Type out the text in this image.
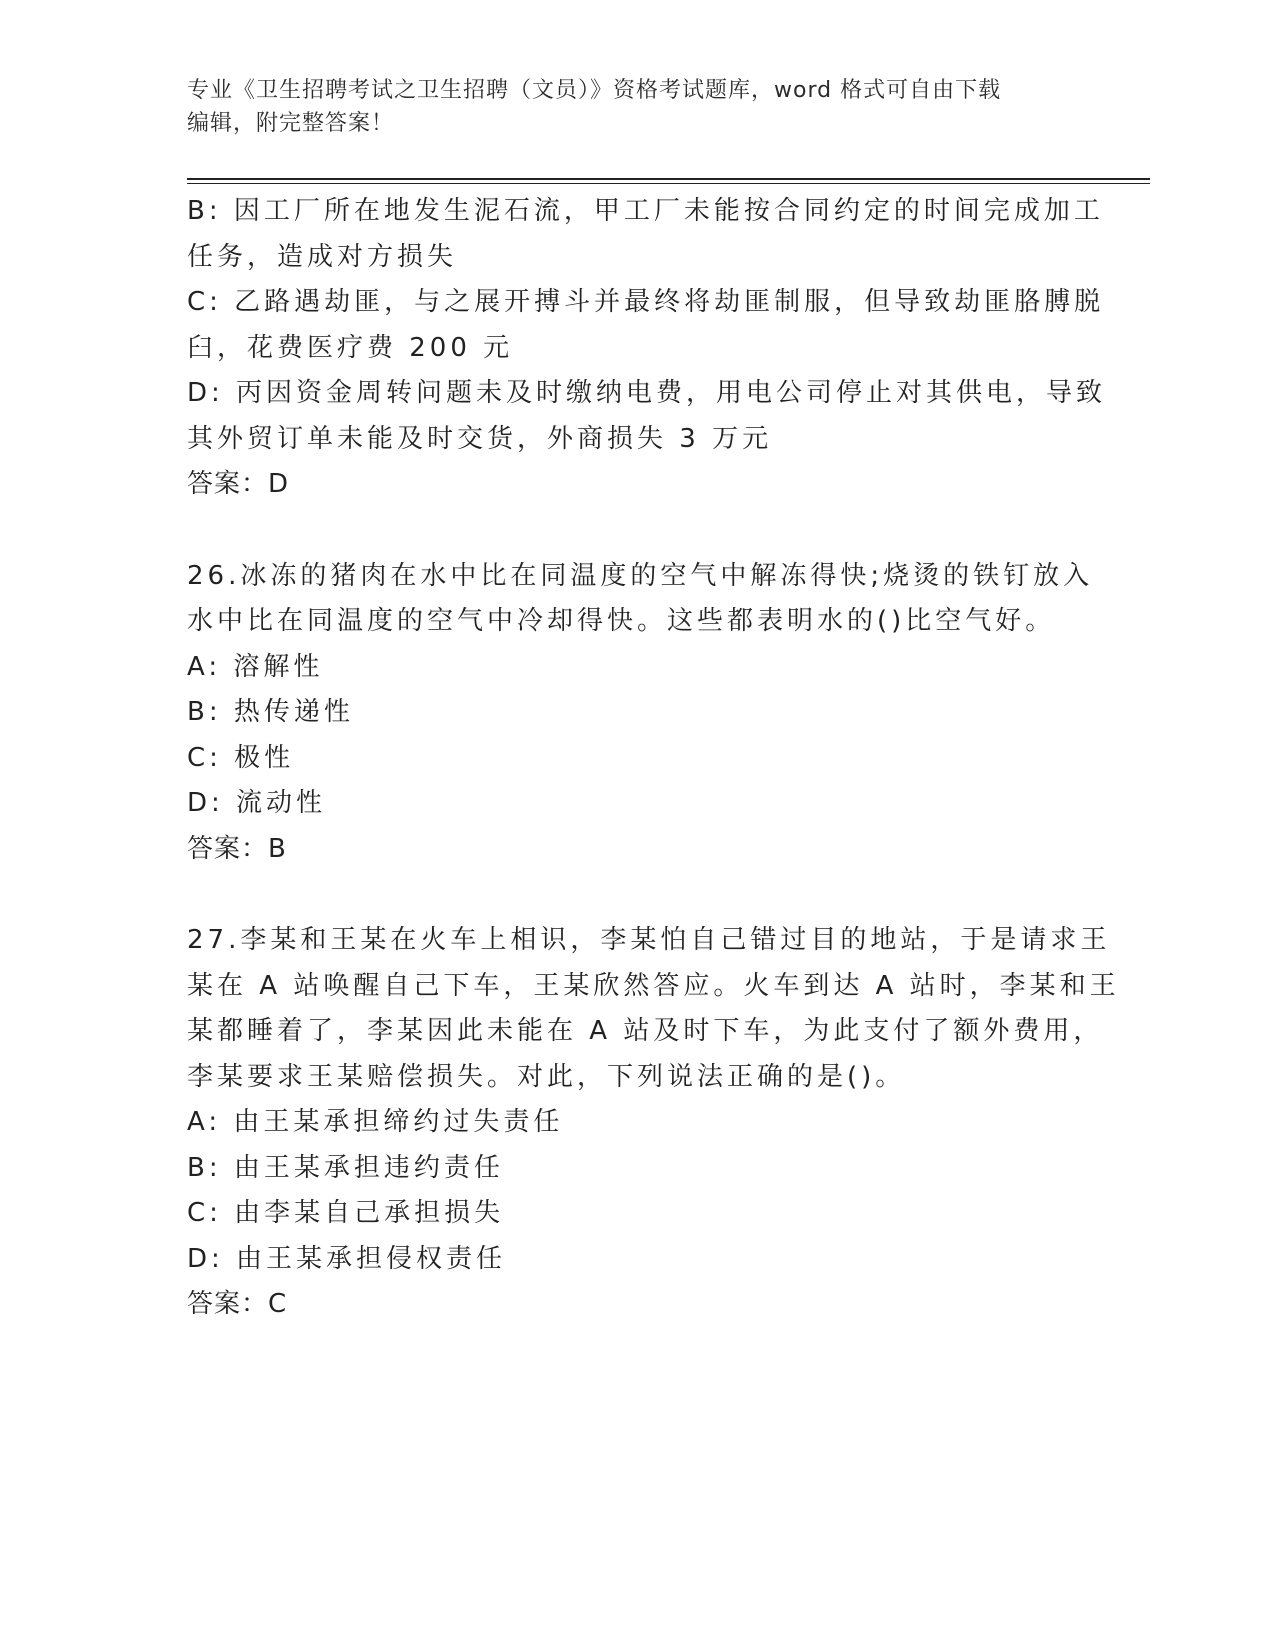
专业《卫生招聘考试之卫生招聘（文员）》资格考试题库，word 格式可自由下载
编辑，附完整答案！
B: 因工厂所在地发生泥石流，甲工厂未能按合同约定的时间完成加工
任务，造成对方损失
C: 乙路遇劫匪，与之展开搏斗并最终将劫匪制服，但导致劫匪胳膊脱
臼，花费医疗费 200 元
D: 丙因资金周转问题未及时缴纳电费，用电公司停止对其供电，导致
其外贸订单未能及时交货，外商损失 3 万元
答案：D
26.冰冻的猪肉在水中比在同温度的空气中解冻得快;烧烫的铁钉放入
水中比在同温度的空气中冷却得快。这些都表明水的()比空气好。
A: 溶解性
B: 热传递性
C: 极性
D: 流动性
答案：B
27.李某和王某在火车上相识，李某怕自己错过目的地站，于是请求王
某在 A 站唤醒自己下车，王某欣然答应。火车到达 A 站时，李某和王
某都睡着了，李某因此未能在 A 站及时下车，为此支付了额外费用，
李某要求王某赔偿损失。对此，下列说法正确的是()。
A: 由王某承担缔约过失责任
B: 由王某承担违约责任
C: 由李某自己承担损失
D: 由王某承担侵权责任
答案：C
